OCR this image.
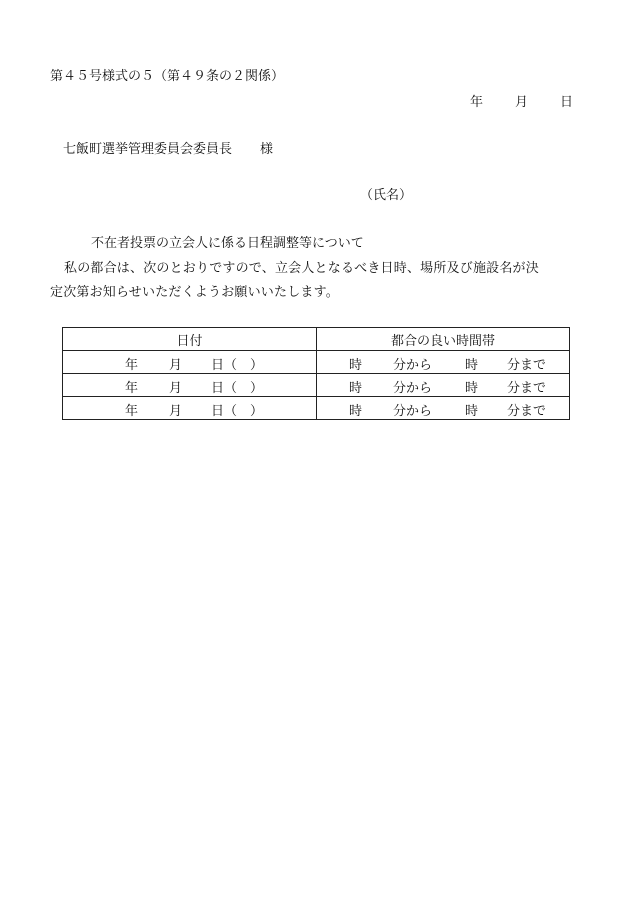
第４５号様式の５（第４９条の２関係）
年 月 日
七飯町選挙管理委員会委員長 様
（氏名）
不在者投票の立会人に係る日程調整等について
私の都合は、次のとおりですので、立会人となるべき日時、場所及び施設名が決
定次第お知らせいただくようお願いいたします。
日付	都合の良い時間帯

年 月 日（　）	時 分から 時 分まで

年 月 日（　）	時 分から 時 分まで

年 月 日（　）	時 分から 時 分まで
